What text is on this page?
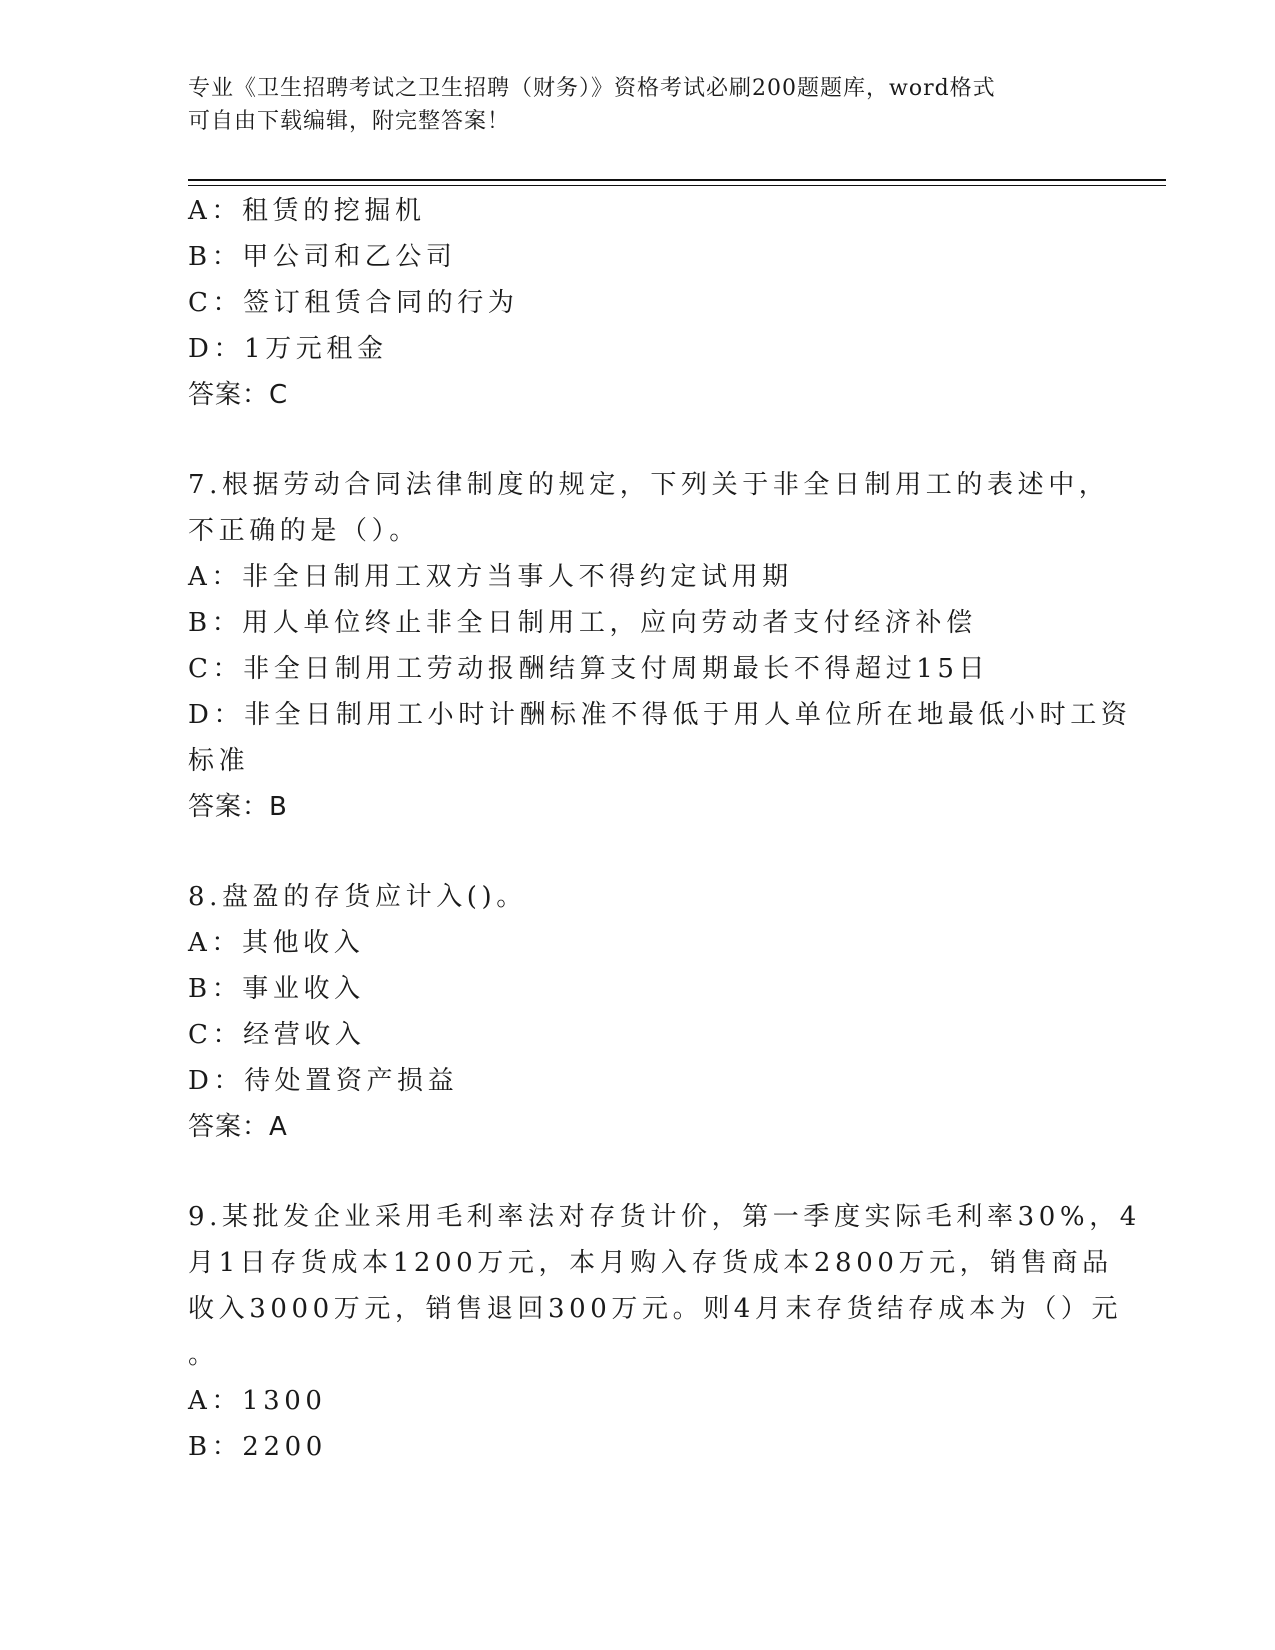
专业《卫生招聘考试之卫生招聘（财务）》资格考试必刷200题题库，word格式
可自由下载编辑，附完整答案！
A：租赁的挖掘机
B：甲公司和乙公司
C：签订租赁合同的行为
D：1万元租金
答案：C
7.根据劳动合同法律制度的规定，下列关于非全日制用工的表述中，
不正确的是（）。
A：非全日制用工双方当事人不得约定试用期
B：用人单位终止非全日制用工，应向劳动者支付经济补偿
C：非全日制用工劳动报酬结算支付周期最长不得超过15日
D：非全日制用工小时计酬标准不得低于用人单位所在地最低小时工资
标准
答案：B
8.盘盈的存货应计入()。
A：其他收入
B：事业收入
C：经营收入
D：待处置资产损益
答案：A
9.某批发企业采用毛利率法对存货计价，第一季度实际毛利率30%，4
月1日存货成本1200万元，本月购入存货成本2800万元，销售商品
收入3000万元，销售退回300万元。则4月末存货结存成本为（）元
。
A：1300
B：2200
